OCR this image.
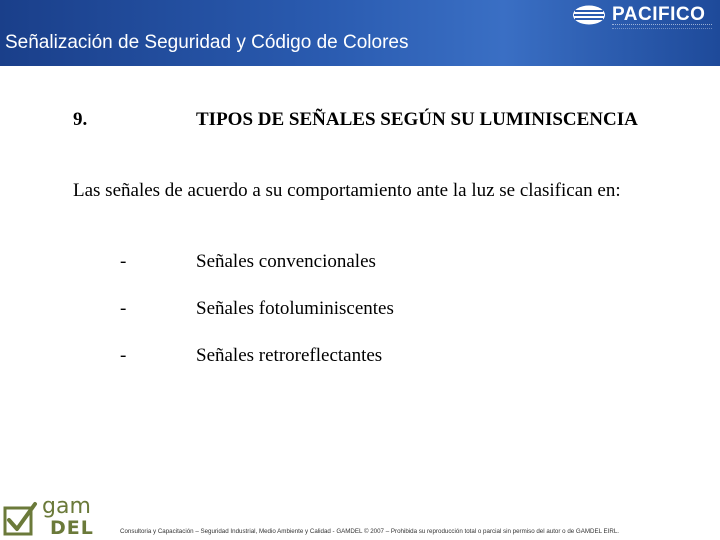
PACIFICO
Señalización de Seguridad y Código de Colores
9.	TIPOS DE SEÑALES SEGÚN SU LUMINISCENCIA
Las señales de acuerdo a su comportamiento ante la luz se clasifican en:
-	Señales convencionales
-	Señales fotoluminiscentes
-	Señales retroreflectantes
gam
DEL	Consultoria y Capacitación – Seguridad Industrial, Medio Ambiente y Calidad - GAMDEL © 2007 – Prohibida su reproducción total o parcial sin permiso del autor o de GAMDEL EIRL.
